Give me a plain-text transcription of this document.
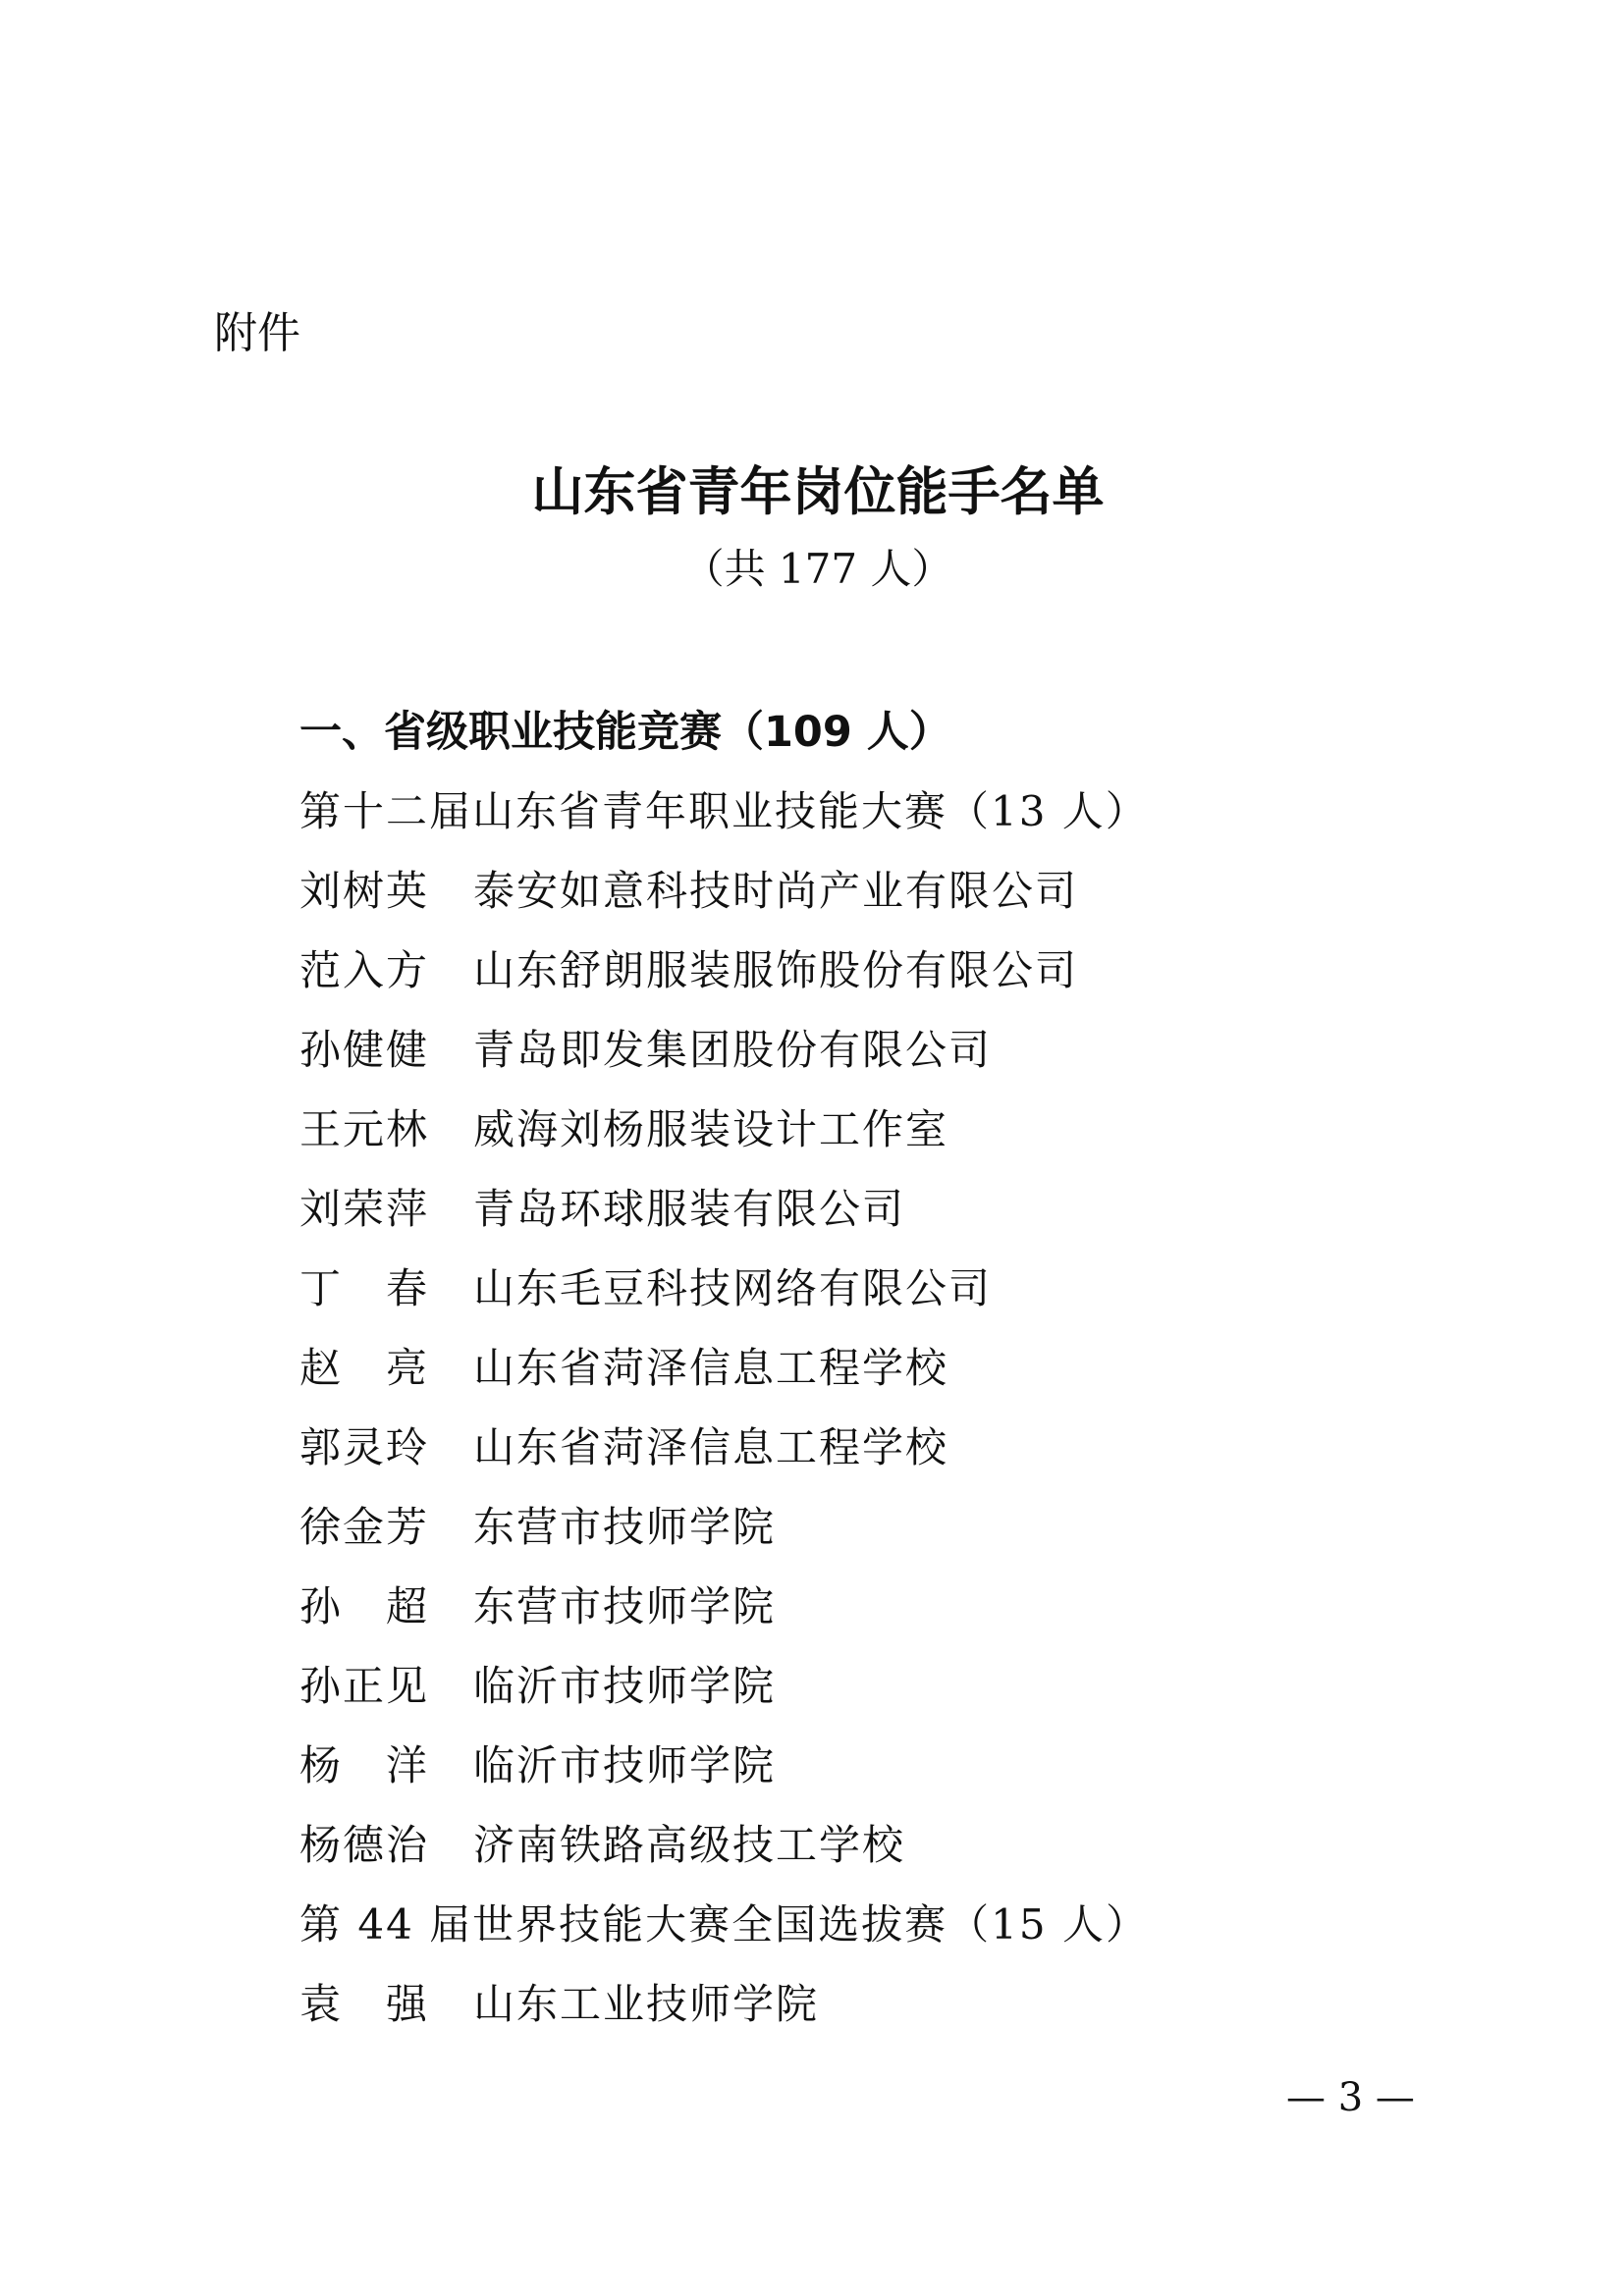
附件
山东省青年岗位能手名单
（共 177 人）
一、省级职业技能竞赛（109 人）
第十二届山东省青年职业技能大赛（13 人）
刘树英 泰安如意科技时尚产业有限公司
范入方 山东舒朗服装服饰股份有限公司
孙健健 青岛即发集团股份有限公司
王元林 威海刘杨服装设计工作室
刘荣萍 青岛环球服装有限公司
丁　春 山东毛豆科技网络有限公司
赵　亮 山东省菏泽信息工程学校
郭灵玲 山东省菏泽信息工程学校
徐金芳 东营市技师学院
孙　超 东营市技师学院
孙正见 临沂市技师学院
杨　洋 临沂市技师学院
杨德治 济南铁路高级技工学校
第 44 届世界技能大赛全国选拔赛（15 人）
袁　强 山东工业技师学院
— 3 —
